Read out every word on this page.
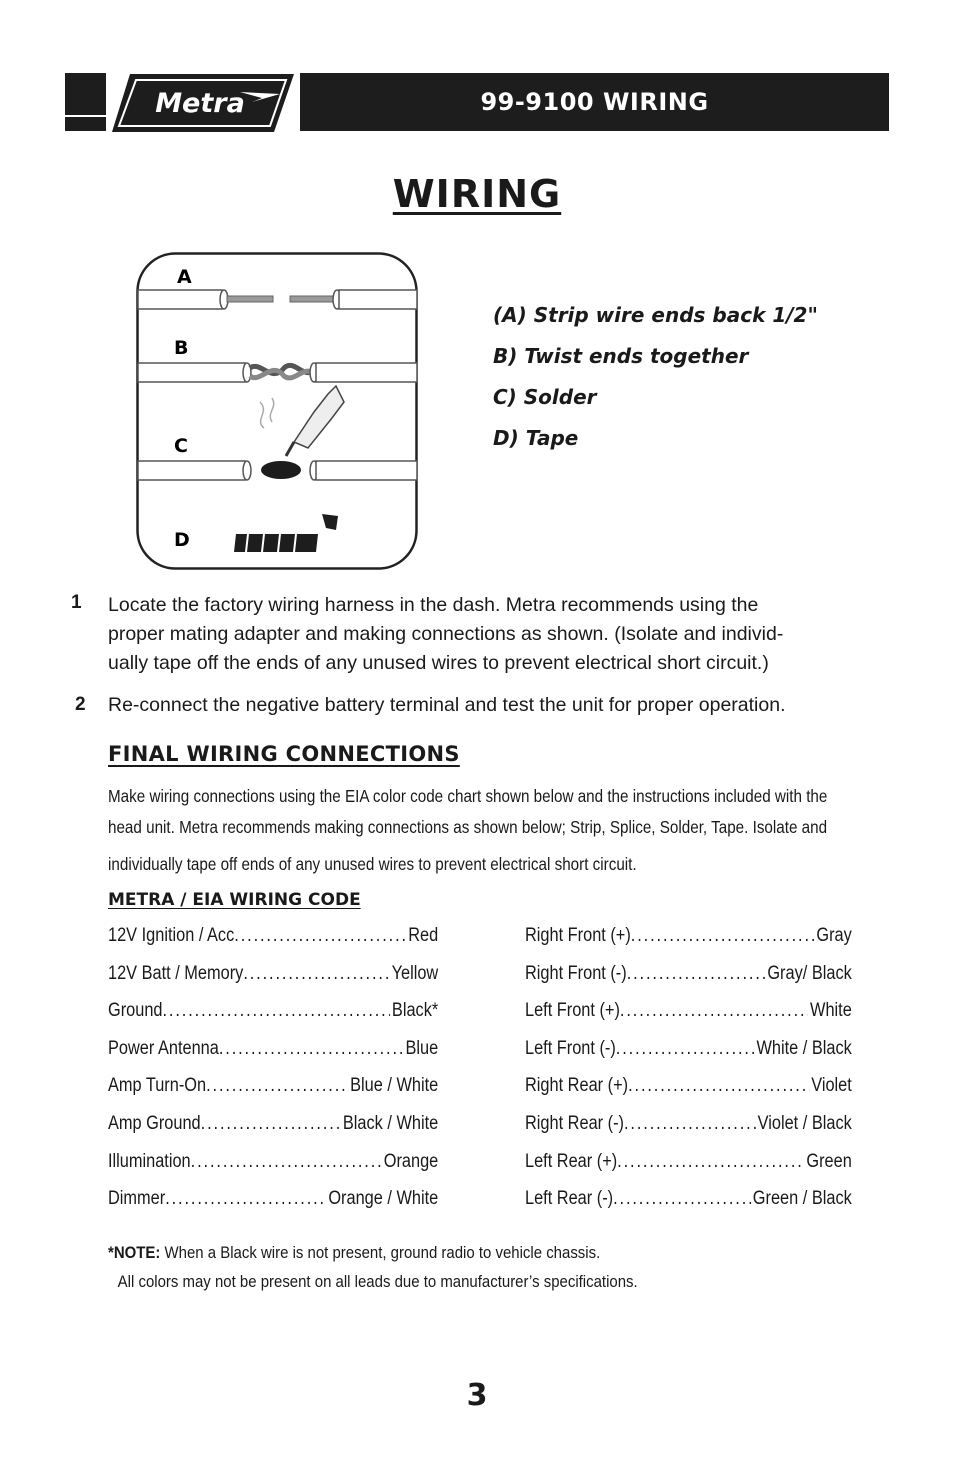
Metra	99-9100 WIRING
WIRING
A
B
C
D
(A) Strip wire ends back 1/2"
B) Twist ends together
C) Solder
D) Tape
1 Locate the factory wiring harness in the dash. Metra recommends using the
proper mating adapter and making connections as shown. (Isolate and individ-
ually tape off the ends of any unused wires to prevent electrical short circuit.)
2 Re-connect the negative battery terminal and test the unit for proper operation.
FINAL WIRING CONNECTIONS
Make wiring connections using the EIA color code chart shown below and the instructions included with the
head unit. Metra recommends making connections as shown below; Strip, Splice, Solder, Tape. Isolate and
individually tape off ends of any unused wires to prevent electrical short circuit.
METRA / EIA WIRING CODE
12V Ignition / Acc .....	Red
12V Batt / Memory .....	Yellow
Ground .....	Black*
Power Antenna .....	Blue
Amp Turn-On .....	Blue / White
Amp Ground .....	Black / White
Illumination .....	Orange
Dimmer .....	Orange / White
Right Front (+) .....	Gray
Right Front (-) .....	Gray/ Black
Left Front (+) .....	White
Left Front (-) .....	White / Black
Right Rear (+) .....	Violet
Right Rear (-) .....	Violet / Black
Left Rear (+) .....	Green
Left Rear (-) .....	Green / Black
*NOTE: When a Black wire is not present, ground radio to vehicle chassis.
All colors may not be present on all leads due to manufacturer’s specifications.
3
